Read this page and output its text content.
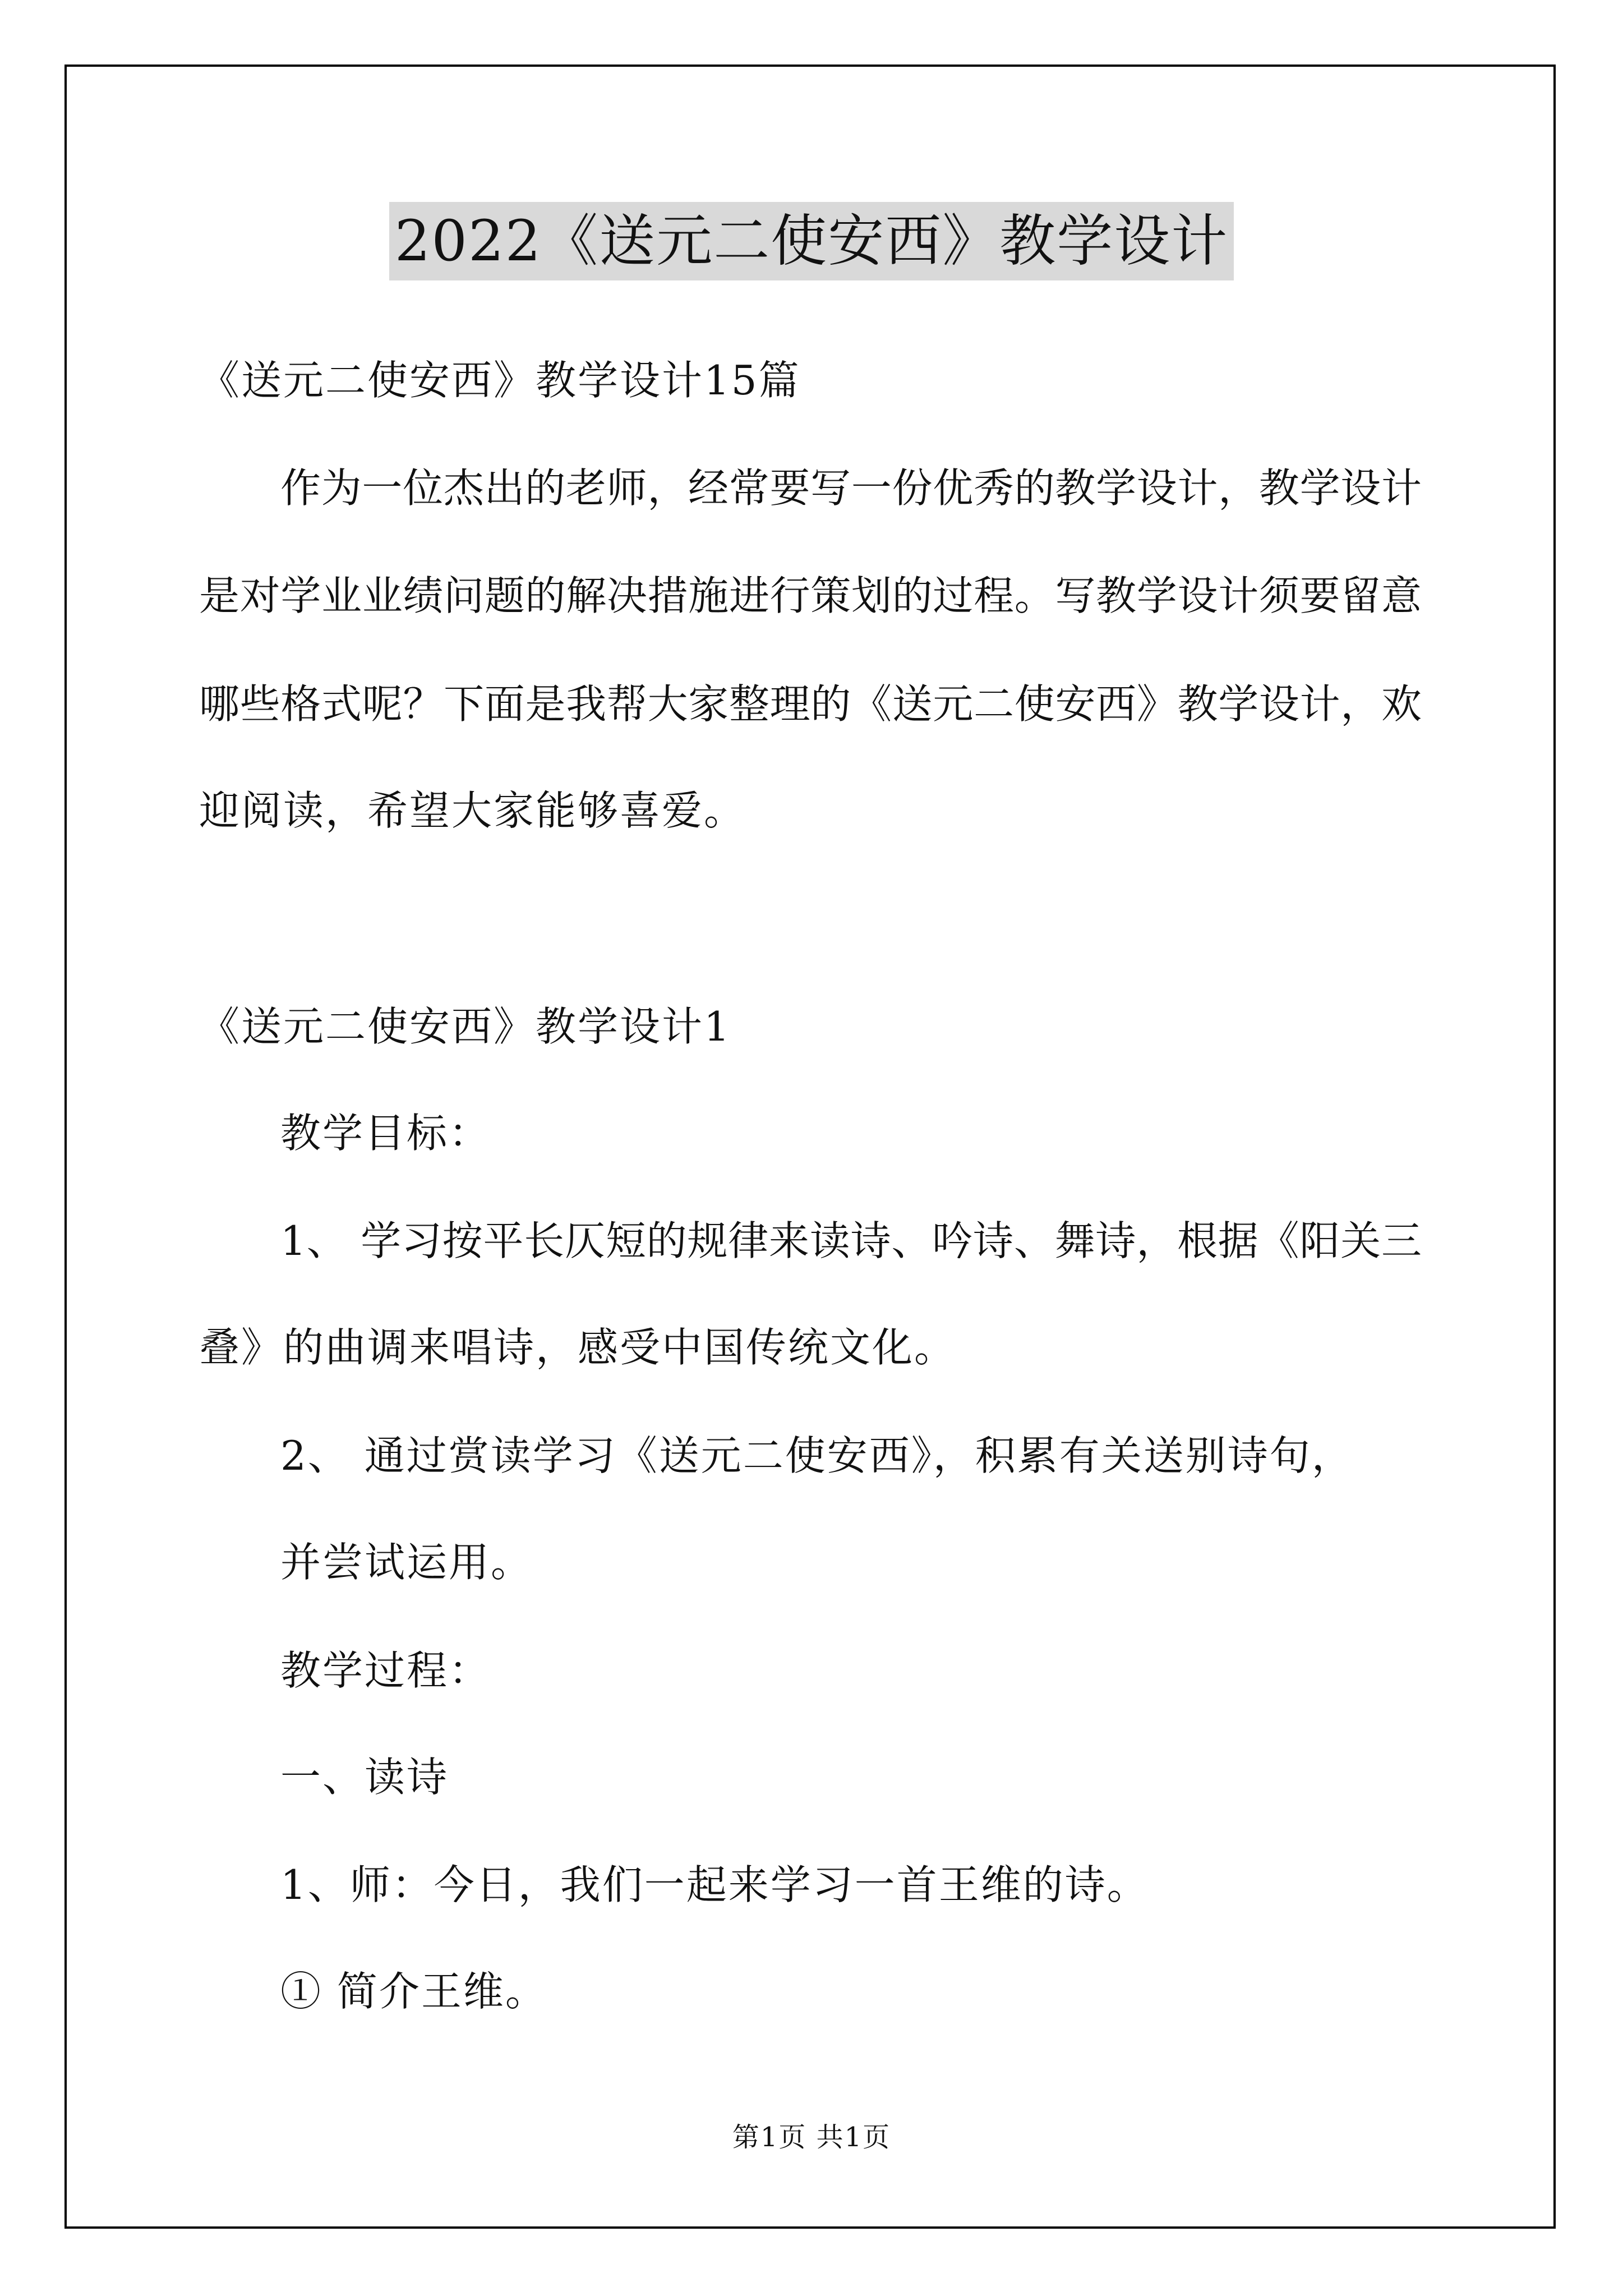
2022《送元二使安西》教学设计
《送元二使安西》教学设计15篇
作为一位杰出的老师，经常要写一份优秀的教学设计，教学设计
是对学业业绩问题的解决措施进行策划的过程。写教学设计须要留意
哪些格式呢？下面是我帮大家整理的《送元二使安西》教学设计，欢
迎阅读，希望大家能够喜爱。
《送元二使安西》教学设计1
教学目标：
1、 学习按平长仄短的规律来读诗、吟诗、舞诗，根据《阳关三
叠》的曲调来唱诗，感受中国传统文化。
2、 通过赏读学习《送元二使安西》，积累有关送别诗句，
并尝试运用。
教学过程：
一、读诗
1、师：今日，我们一起来学习一首王维的诗。
① 简介王维。
第1页 共1页
